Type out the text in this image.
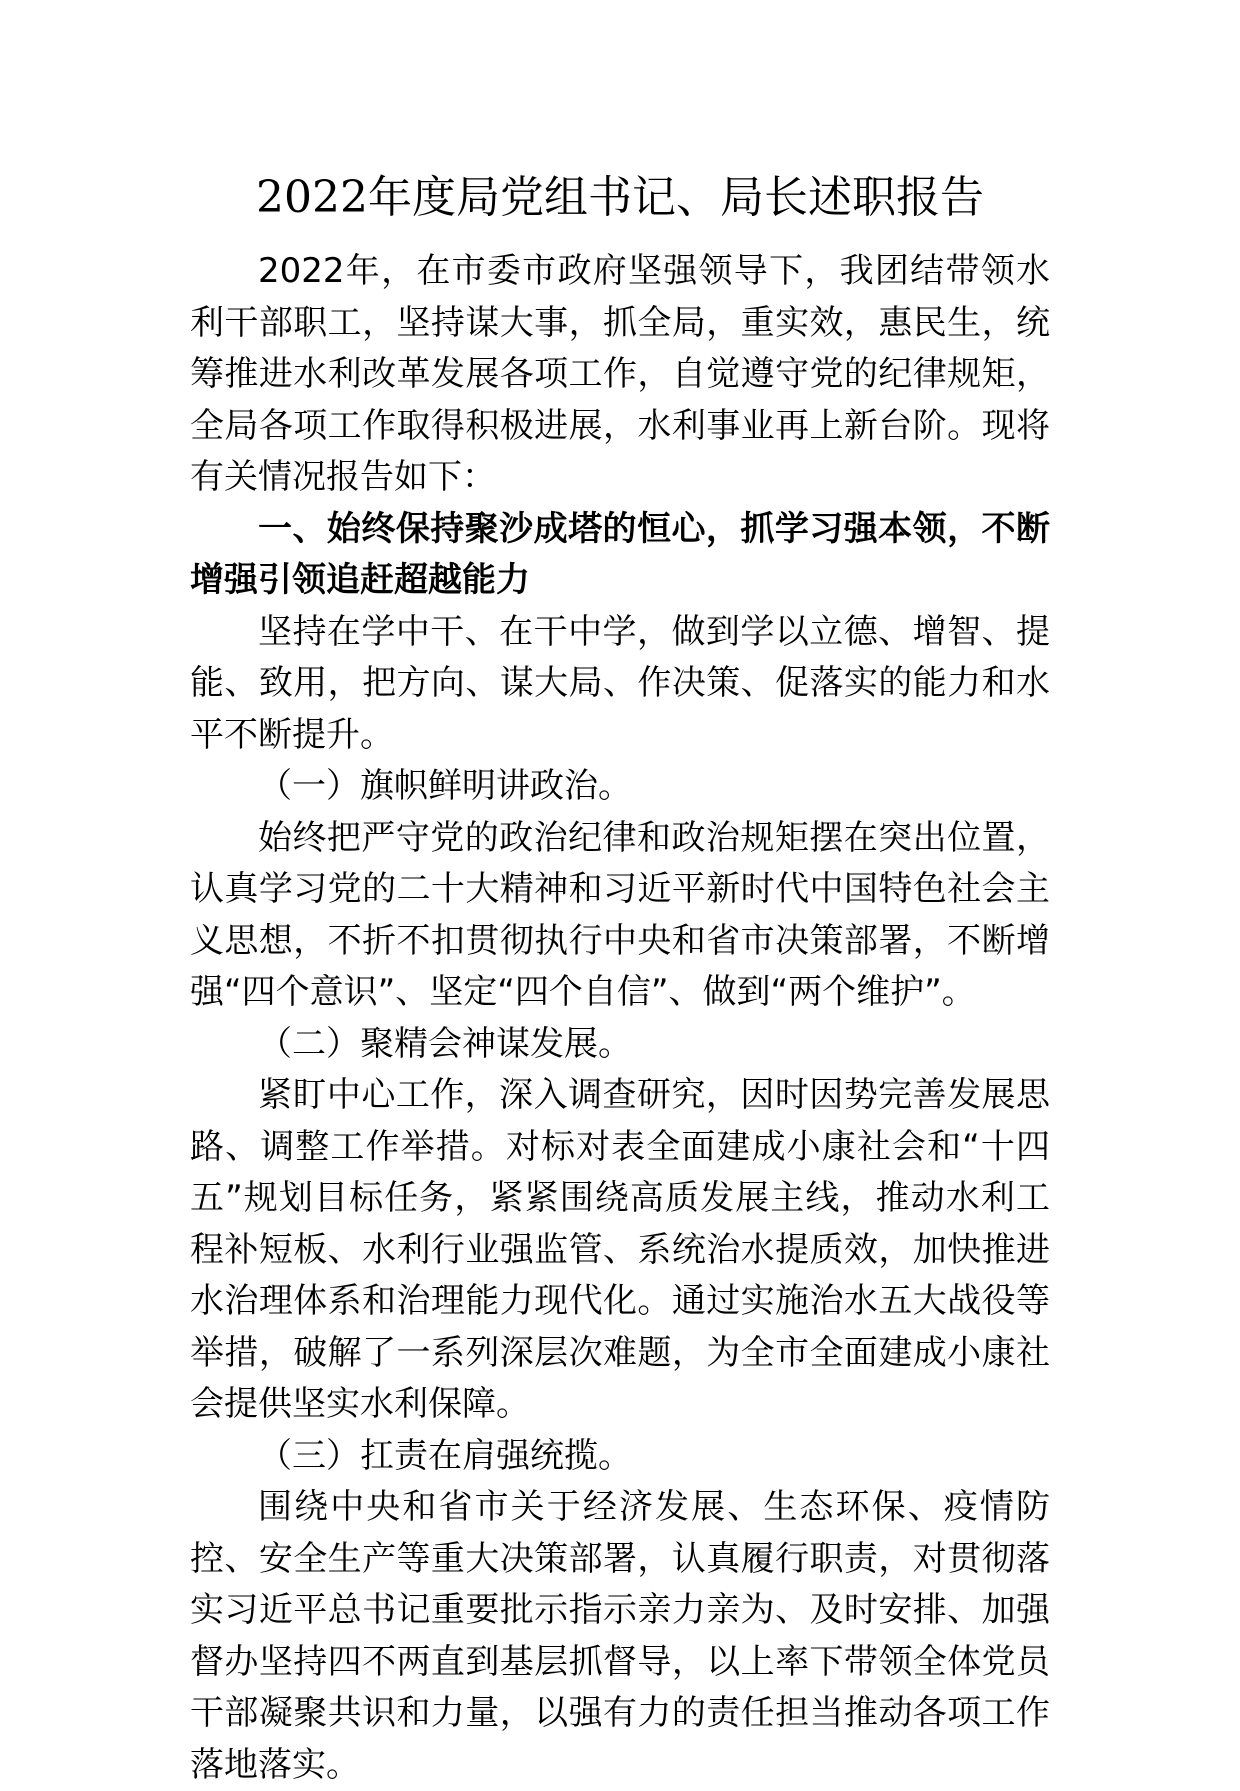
2022年度局党组书记、局长述职报告

2022年，在市委市政府坚强领导下，我团结带领水利干部职工，坚持谋大事，抓全局，重实效，惠民生，统筹推进水利改革发展各项工作，自觉遵守党的纪律规矩，全局各项工作取得积极进展，水利事业再上新台阶。现将有关情况报告如下：

一、始终保持聚沙成塔的恒心，抓学习强本领，不断增强引领追赶超越能力

坚持在学中干、在干中学，做到学以立德、增智、提能、致用，把方向、谋大局、作决策、促落实的能力和水平不断提升。

（一）旗帜鲜明讲政治。

始终把严守党的政治纪律和政治规矩摆在突出位置，认真学习党的二十大精神和习近平新时代中国特色社会主义思想，不折不扣贯彻执行中央和省市决策部署，不断增强“四个意识”、坚定“四个自信”、做到“两个维护”。

（二）聚精会神谋发展。

紧盯中心工作，深入调查研究，因时因势完善发展思路、调整工作举措。对标对表全面建成小康社会和“十四五”规划目标任务，紧紧围绕高质发展主线，推动水利工程补短板、水利行业强监管、系统治水提质效，加快推进水治理体系和治理能力现代化。通过实施治水五大战役等举措，破解了一系列深层次难题，为全市全面建成小康社会提供坚实水利保障。

（三）扛责在肩强统揽。

围绕中央和省市关于经济发展、生态环保、疫情防控、安全生产等重大决策部署，认真履行职责，对贯彻落实习近平总书记重要批示指示亲力亲为、及时安排、加强督办坚持四不两直到基层抓督导，以上率下带领全体党员干部凝聚共识和力量，以强有力的责任担当推动各项工作落地落实。
